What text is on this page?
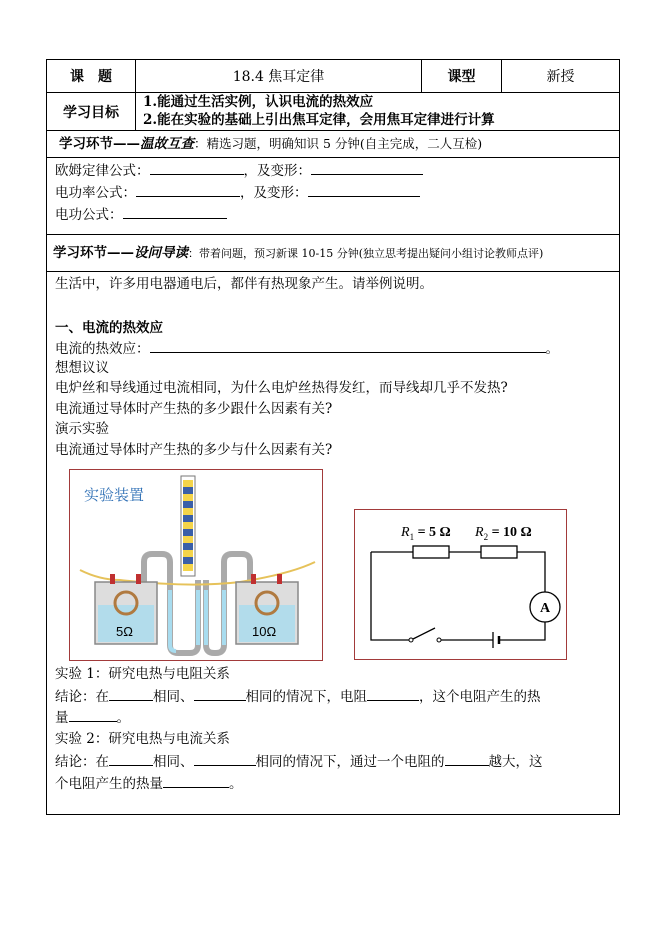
课　题	18.4 焦耳定律	课型	新授
学习目标
1.能通过生活实例，认识电流的热效应
2.能在实验的基础上引出焦耳定律，会用焦耳定律进行计算
学习环节——温故互查：精选习题，明确知识 5 分钟(自主完成，二人互检)
欧姆定律公式：	，及变形：
电功率公式：	，及变形：
电功公式：
学习环节——设问导读：带着问题，预习新课 10-15 分钟(独立思考提出疑问小组讨论教师点评)
生活中，许多用电器通电后，都伴有热现象产生。请举例说明。
一、电流的热效应
电流的热效应：	。
想想议议
电炉丝和导线通过电流相同，为什么电炉丝热得发红，而导线却几乎不发热?
电流通过导体时产生热的多少跟什么因素有关?
演示实验
电流通过导体时产生热的多少与什么因素有关?
实验装置
5Ω	10Ω
$R_1 = 5$ Ω $R_2 = 10$ Ω
A
实验 1：研究电热与电阻关系
结论：在	相同、	相同的情况下，电阻	，这个电阻产生的热
量	。
实验 2：研究电热与电流关系
结论：在	相同、	相同的情况下，通过一个电阻的	越大，这
个电阻产生的热量	。
